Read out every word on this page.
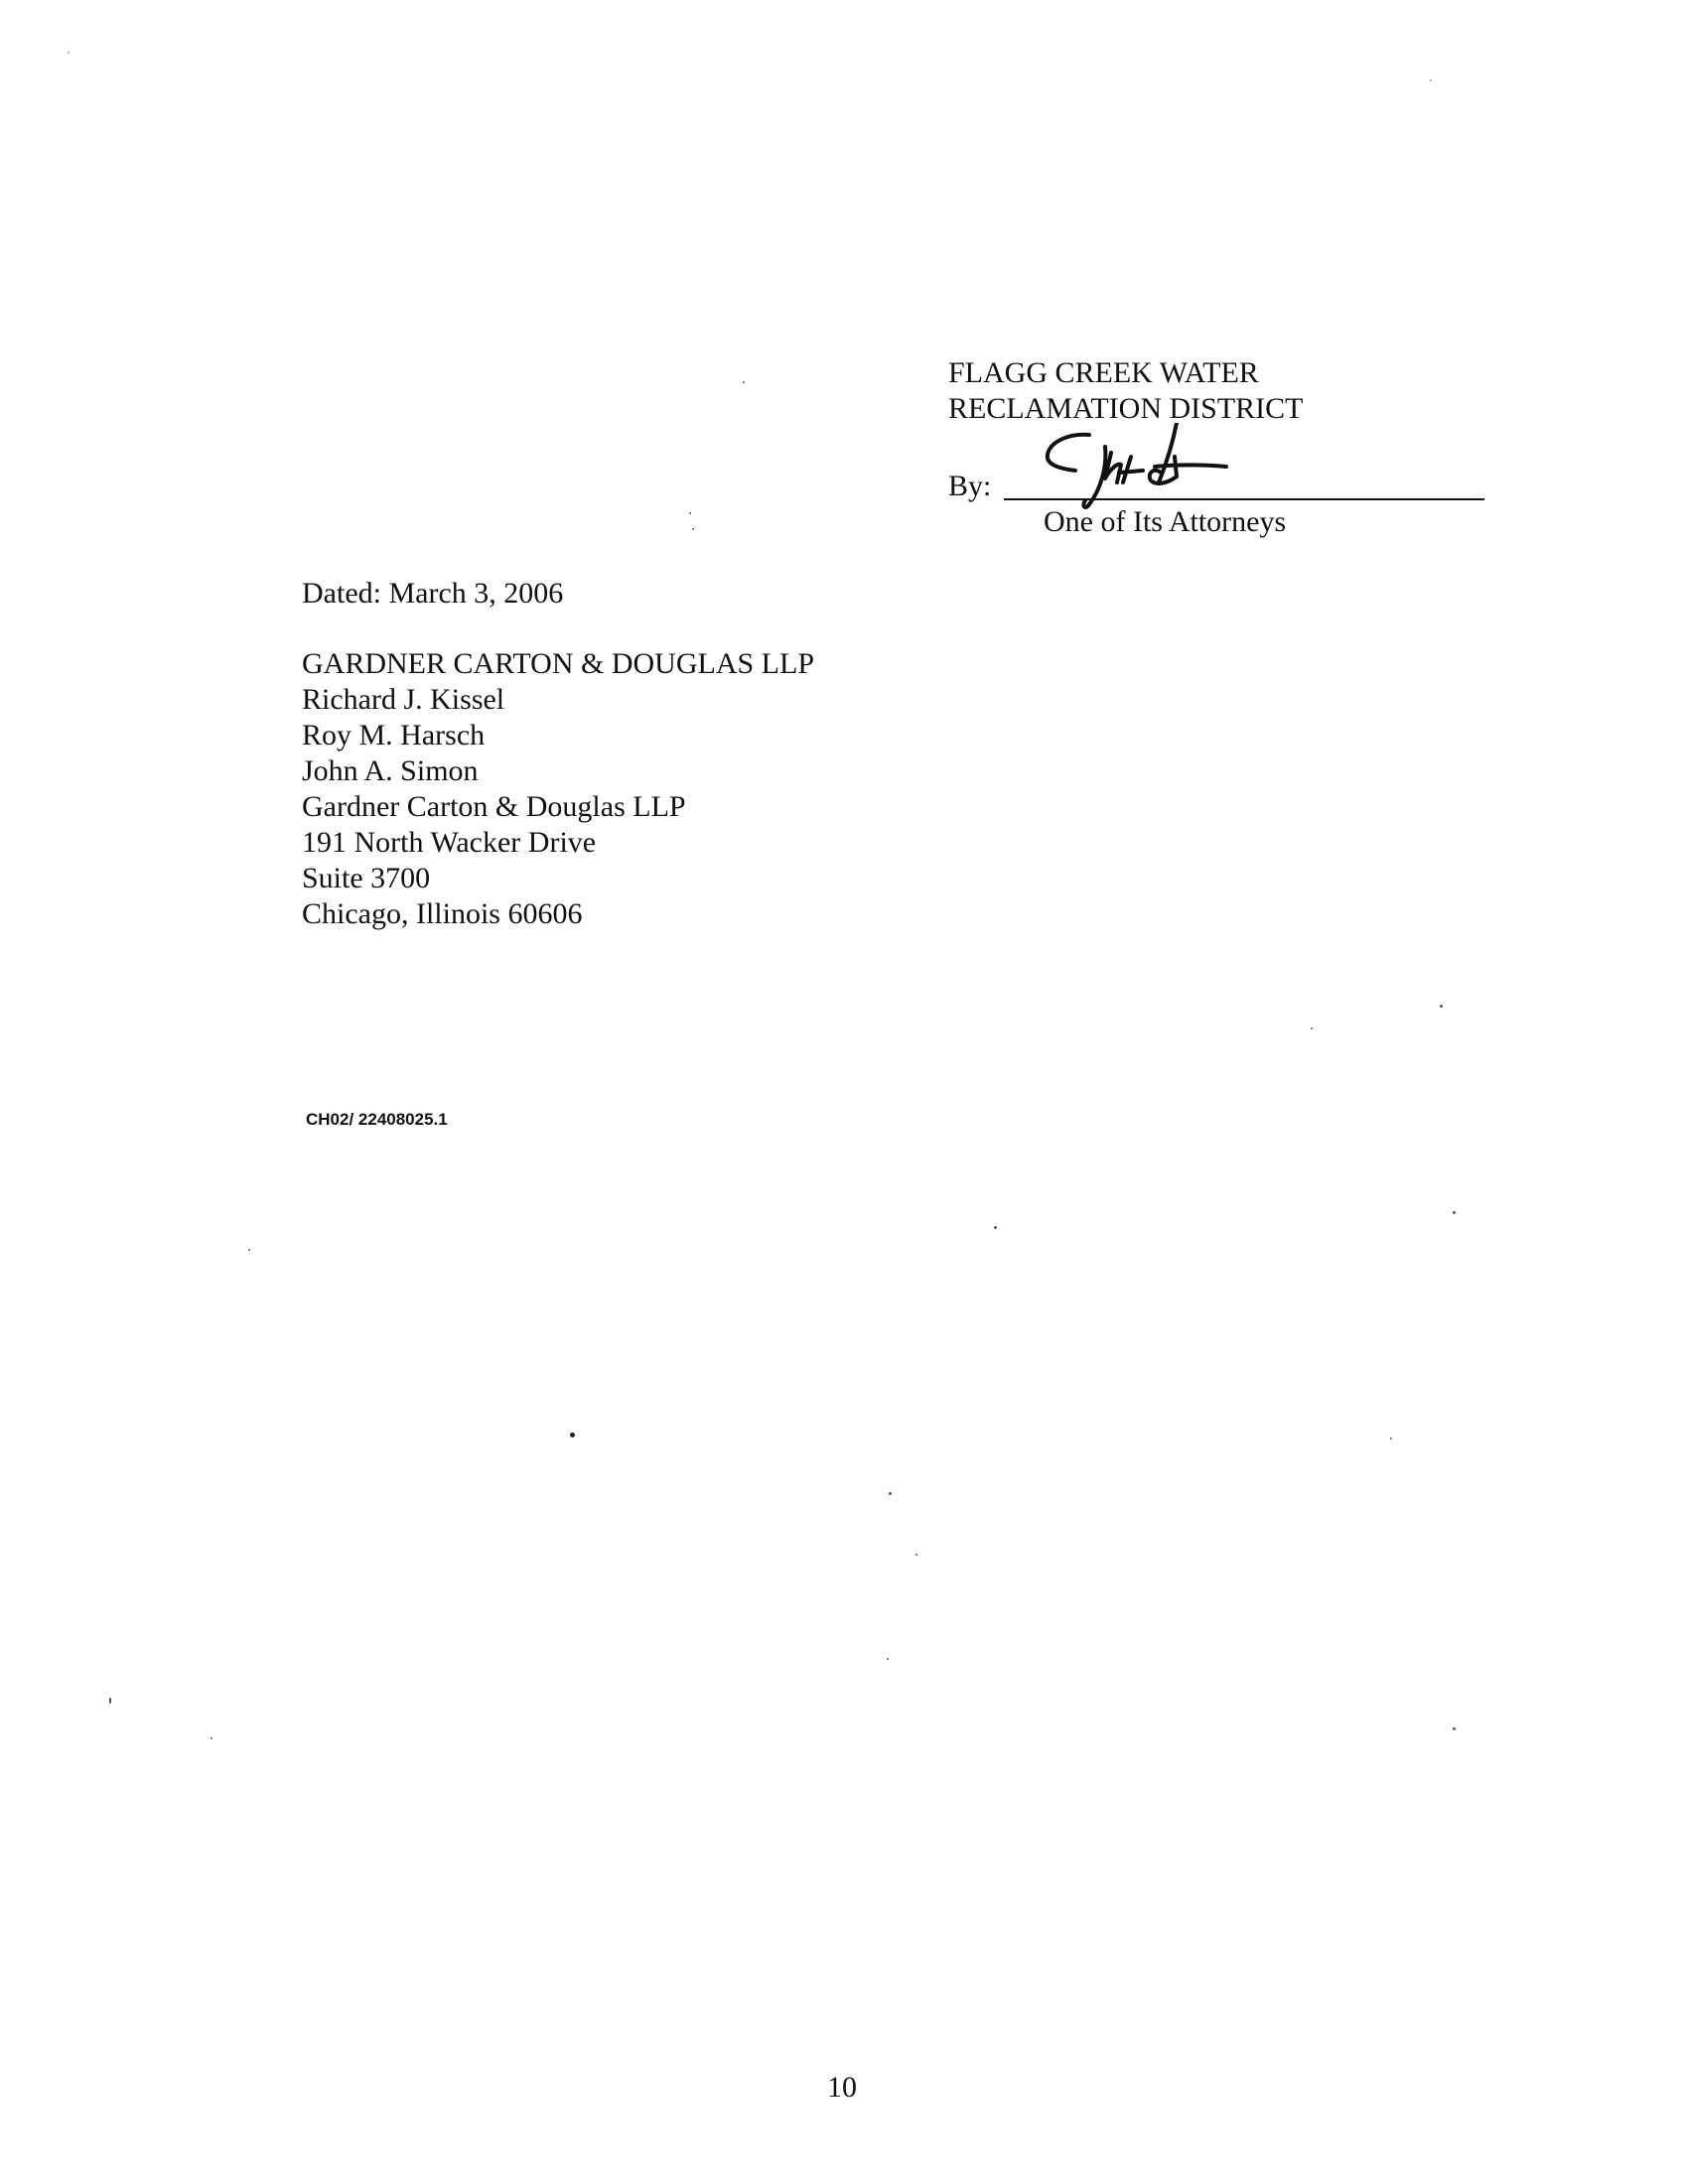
FLAGG CREEK WATER
RECLAMATION DISTRICT
By:
One of Its Attorneys
Dated: March 3, 2006
GARDNER CARTON & DOUGLAS LLP
Richard J. Kissel
Roy M. Harsch
John A. Simon
Gardner Carton & Douglas LLP
191 North Wacker Drive
Suite 3700
Chicago, Illinois 60606
CH02/ 22408025.1
10
